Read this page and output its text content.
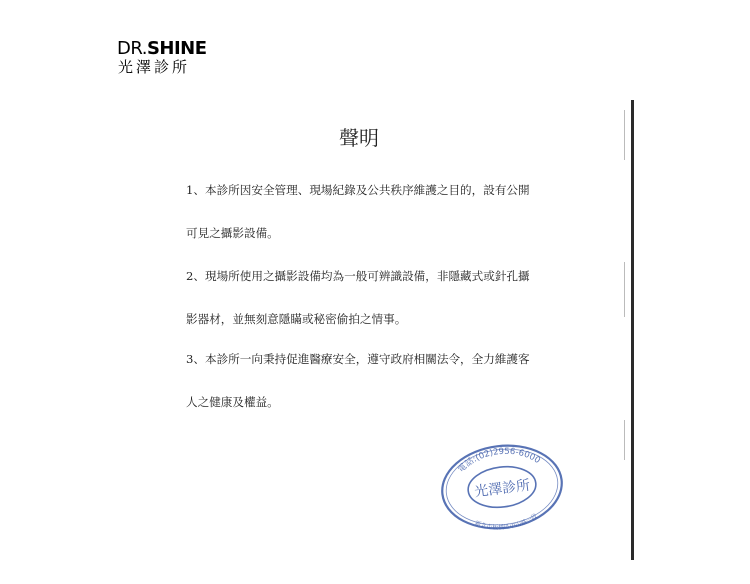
DR.SHINE
光澤診所
聲明
1、本診所因安全管理、現場紀錄及公共秩序維護之目的，設有公開
可見之攝影設備。
2、現場所使用之攝影設備均為一般可辨識設備，非隱藏式或針孔攝
影器材，並無刻意隱瞞或秘密偷拍之情事。
3、本診所一向秉持促進醫療安全，遵守政府相關法令，全力維護客
人之健康及權益。
電話:(02)2956-6000
新北市板橋區中山路一段
光澤診所
